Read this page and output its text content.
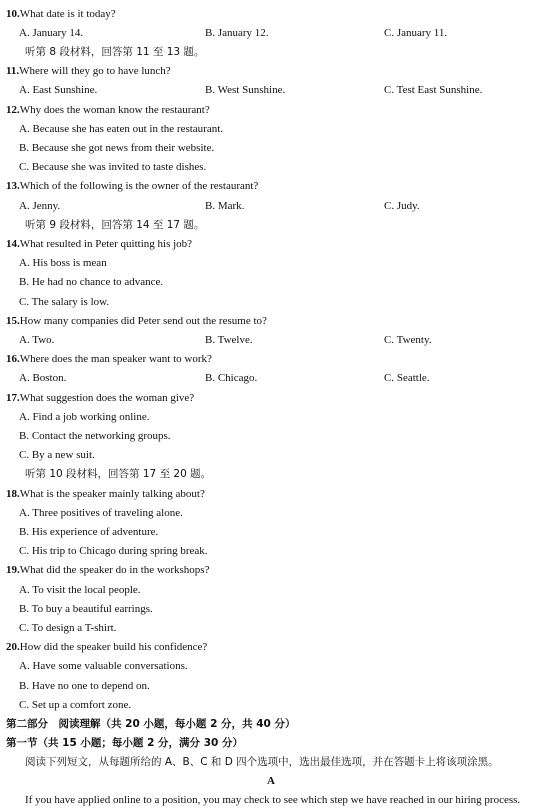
10.What date is it today?
A. January 14.	B. January 12.	C. January 11.
听第 8 段材料，回答第 11 至 13 题。
11.Where will they go to have lunch?
A. East Sunshine.	B. West Sunshine.	C. Test East Sunshine.
12.Why does the woman know the restaurant?
A. Because she has eaten out in the restaurant.
B. Because she got news from their website.
C. Because she was invited to taste dishes.
13.Which of the following is the owner of the restaurant?
A. Jenny.	B. Mark.	C. Judy.
听第 9 段材料，回答第 14 至 17 题。
14.What resulted in Peter quitting his job?
A. His boss is mean
B. He had no chance to advance.
C. The salary is low.
15.How many companies did Peter send out the resume to?
A. Two.	B. Twelve.	C. Twenty.
16.Where does the man speaker want to work?
A. Boston.	B. Chicago.	C. Seattle.
17.What suggestion does the woman give?
A. Find a job working online.
B. Contact the networking groups.
C. By a new suit.
听第 10 段材料，回答第 17 至 20 题。
18.What is the speaker mainly talking about?
A. Three positives of traveling alone.
B. His experience of adventure.
C. His trip to Chicago during spring break.
19.What did the speaker do in the workshops?
A. To visit the local people.
B. To buy a beautiful earrings.
C. To design a T-shirt.
20.How did the speaker build his confidence?
A. Have some valuable conversations.
B. Have no one to depend on.
C. Set up a comfort zone.
第二部分　阅读理解（共 20 小题，每小题 2 分，共 40 分）
第一节（共 15 小题；每小题 2 分，满分 30 分）
阅读下列短文，从每题所给的 A、B、C 和 D 四个选项中，选出最佳选项，并在答题卡上将该项涂黑。
A
If you have applied online to a position, you may check to see which step we have reached in our hiring process.
